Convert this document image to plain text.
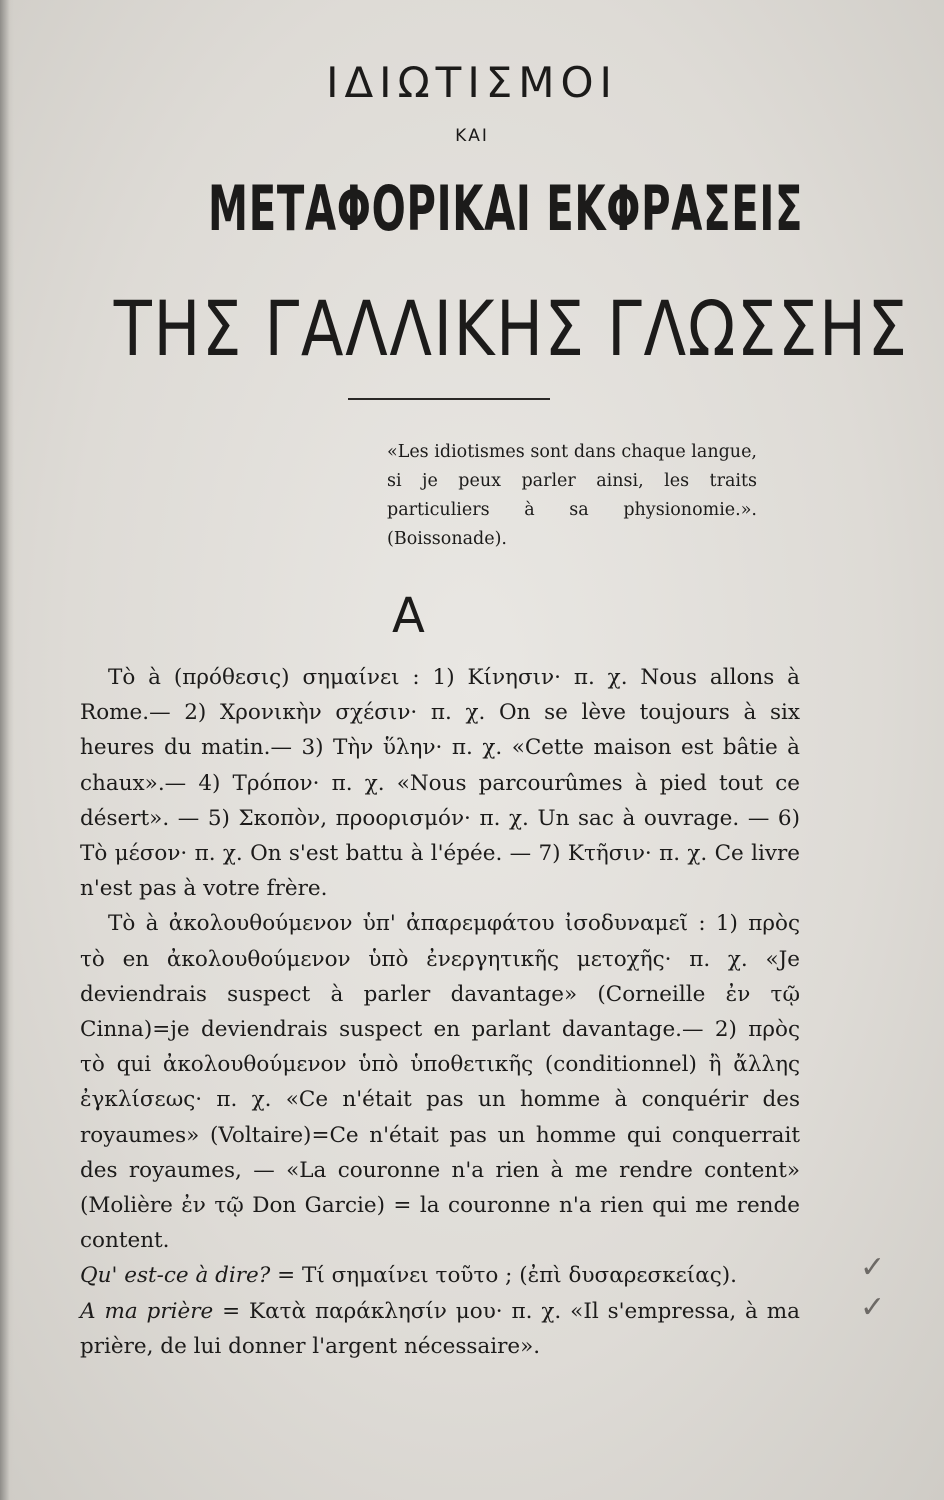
ΙΔΙΩΤΙΣΜΟΙ
ΚΑΙ
ΜΕΤΑΦΟΡΙΚΑΙ ΕΚΦΡΑΣΕΙΣ
ΤΗΣ ΓΑΛΛΙΚΗΣ ΓΛΩΣΣΗΣ
«Les idiotismes sont dans chaque langue, si je peux parler ainsi, les traits particuliers à sa physionomie.». (Boissonade).
Α

Τὸ à (πρόθεσις) σημαίνει : 1) Κίνησιν· π. χ. Nous allons à Rome.— 2) Χρονικὴν σχέσιν· π. χ. On se lève toujours à six heures du matin.— 3) Τὴν ὕλην· π. χ. «Cette maison est bâtie à chaux».— 4) Τρόπον· π. χ. «Nous parcourûmes à pied tout ce désert». — 5) Σκοπὸν, προορισμόν· π. χ. Un sac à ouvrage. — 6) Τὸ μέσον· π. χ. On s'est battu à l'épée. — 7) Κτῆσιν· π. χ. Ce livre n'est pas à votre frère.

Τὸ à ἀκολουθούμενον ὑπ' ἀπαρεμφάτου ἰσοδυναμεῖ : 1) πρὸς τὸ en ἀκολουθούμενον ὑπὸ ἐνεργητικῆς μετοχῆς· π. χ. «Je deviendrais suspect à parler davantage» (Corneille ἐν τῷ Cinna)=je deviendrais suspect en parlant davantage.— 2) πρὸς τὸ qui ἀκολουθούμενον ὑπὸ ὑποθετικῆς (conditionnel) ἢ ἄλλης ἐγκλίσεως· π. χ. «Ce n'était pas un homme à conquérir des royaumes» (Voltaire)=Ce n'était pas un homme qui conquerrait des royaumes, — «La couronne n'a rien à me rendre content» (Molière ἐν τῷ Don Garcie) = la couronne n'a rien qui me rende content.

Qu' est-ce à dire? = Τί σημαίνει τοῦτο ; (ἐπὶ δυσαρεσκείας).

A ma prière = Κατὰ παράκλησίν μου· π. χ. «Il s'empressa, à ma prière, de lui donner l'argent nécessaire».

✓
✓
